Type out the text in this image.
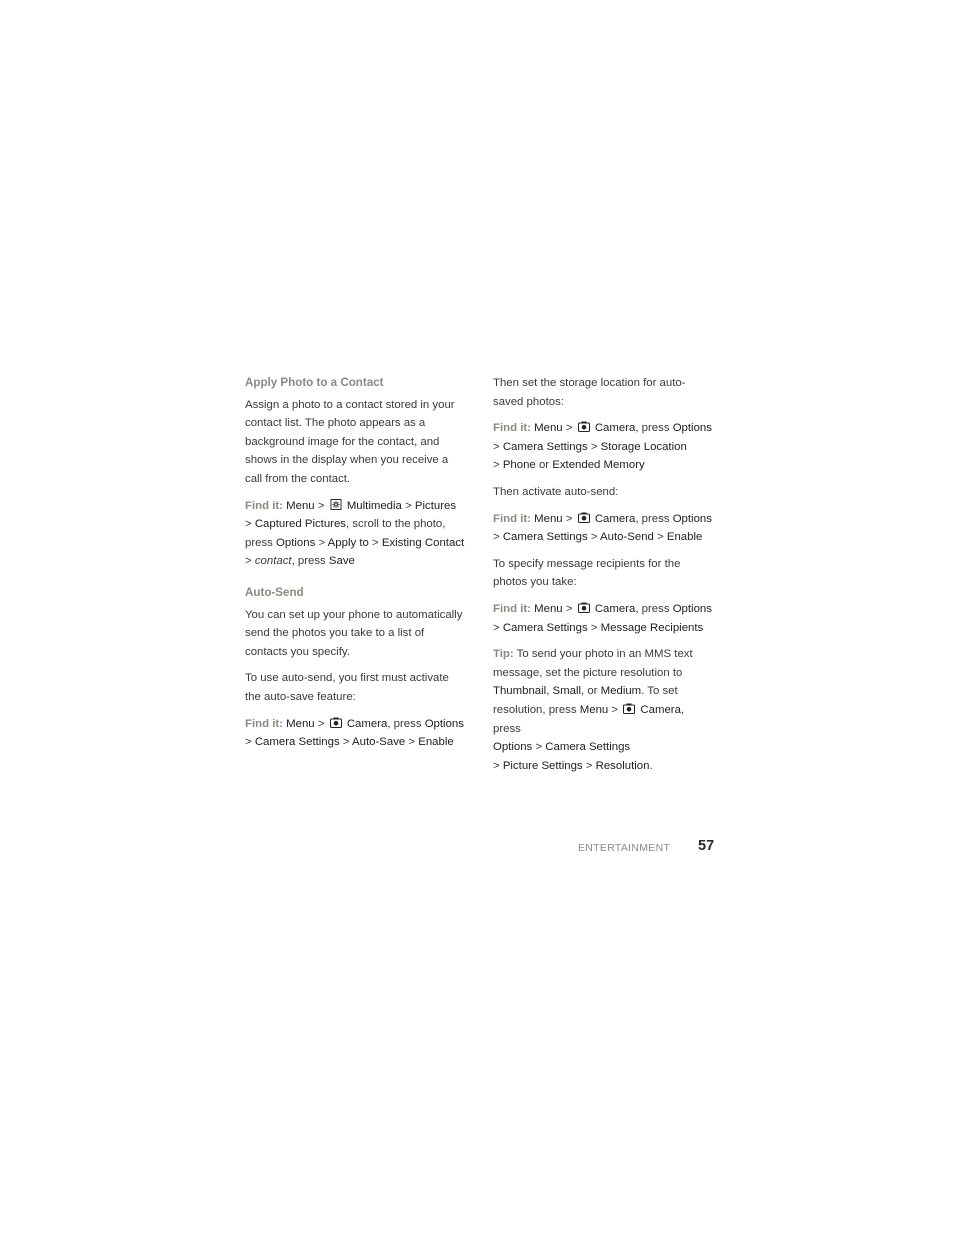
Apply Photo to a Contact

Assign a photo to a contact stored in your contact list. The photo appears as a background image for the contact, and shows in the display when you receive a call from the contact.

Find it: Menu > Multimedia > Pictures
> Captured Pictures, scroll to the photo,
press Options > Apply to > Existing Contact
> contact, press Save

Auto-Send

You can set up your phone to automatically send the photos you take to a list of contacts you specify.

To use auto-send, you first must activate the auto-save feature:

Find it: Menu > Camera, press Options
> Camera Settings > Auto-Save > Enable

Then set the storage location for auto-saved photos:

Find it: Menu > Camera, press Options
> Camera Settings > Storage Location
> Phone or Extended Memory

Then activate auto-send:

Find it: Menu > Camera, press Options
> Camera Settings > Auto-Send > Enable

To specify message recipients for the photos you take:

Find it: Menu > Camera, press Options
> Camera Settings > Message Recipients

Tip: To send your photo in an MMS text message, set the picture resolution to Thumbnail, Small, or Medium. To set resolution, press Menu > Camera, press
Options > Camera Settings
> Picture Settings > Resolution.

ENTERTAINMENT 57
